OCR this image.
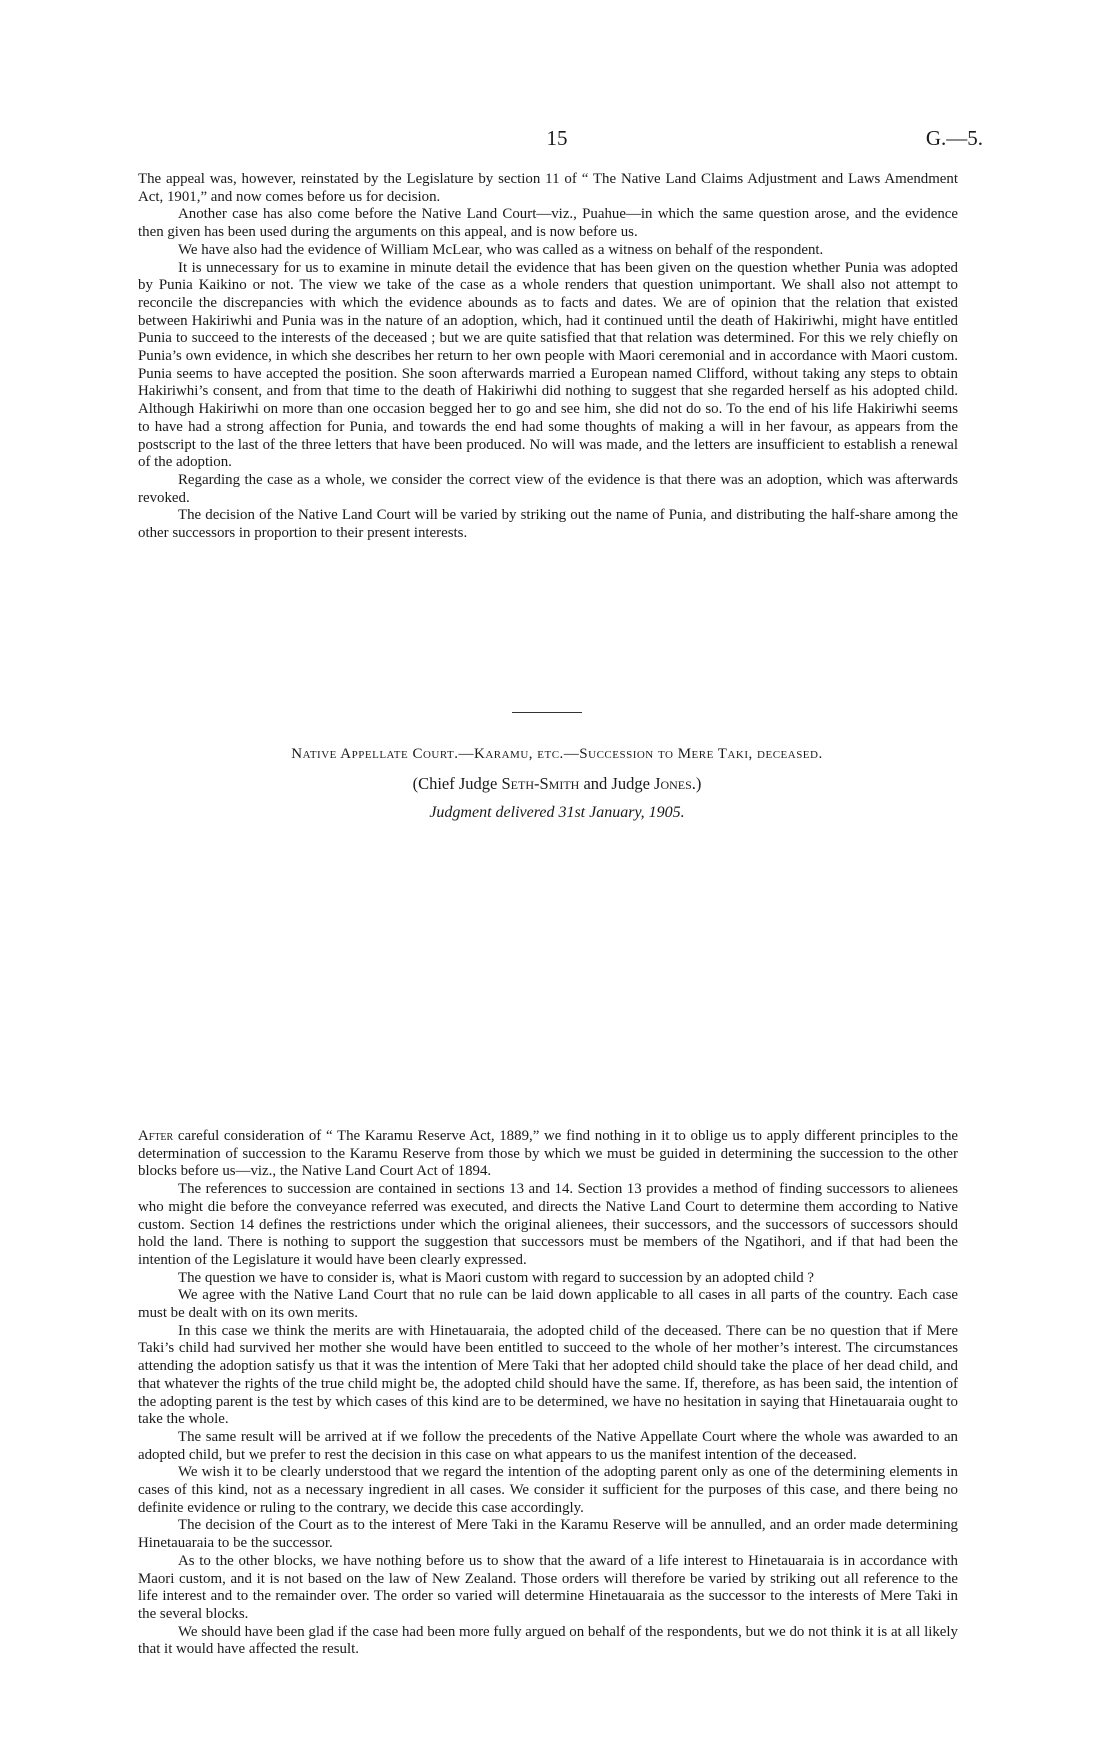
15	G.—5.

The appeal was, however, reinstated by the Legislature by section 11 of “ The Native Land Claims Adjustment and Laws Amendment Act, 1901,” and now comes before us for decision.

Another case has also come before the Native Land Court—viz., Puahue—in which the same question arose, and the evidence then given has been used during the arguments on this appeal, and is now before us.

We have also had the evidence of William McLear, who was called as a witness on behalf of the respondent.

It is unnecessary for us to examine in minute detail the evidence that has been given on the question whether Punia was adopted by Punia Kaikino or not. The view we take of the case as a whole renders that question unimportant. We shall also not attempt to reconcile the discrepancies with which the evidence abounds as to facts and dates. We are of opinion that the relation that existed between Hakiriwhi and Punia was in the nature of an adoption, which, had it continued until the death of Hakiriwhi, might have entitled Punia to succeed to the interests of the deceased ; but we are quite satisfied that that relation was determined. For this we rely chiefly on Punia’s own evidence, in which she describes her return to her own people with Maori ceremonial and in accordance with Maori custom. Punia seems to have accepted the position. She soon afterwards married a European named Clifford, without taking any steps to obtain Hakiriwhi’s consent, and from that time to the death of Hakiriwhi did nothing to suggest that she regarded herself as his adopted child. Although Hakiriwhi on more than one occasion begged her to go and see him, she did not do so. To the end of his life Hakiriwhi seems to have had a strong affection for Punia, and towards the end had some thoughts of making a will in her favour, as appears from the postscript to the last of the three letters that have been produced. No will was made, and the letters are insufficient to establish a renewal of the adoption.

Regarding the case as a whole, we consider the correct view of the evidence is that there was an adoption, which was afterwards revoked.

The decision of the Native Land Court will be varied by striking out the name of Punia, and distributing the half-share among the other successors in proportion to their present interests.

Native Appellate Court.—Karamu, etc.—Succession to Mere Taki, deceased.
(Chief Judge Seth-Smith and Judge Jones.)
Judgment delivered 31st January, 1905.

After careful consideration of “ The Karamu Reserve Act, 1889,” we find nothing in it to oblige us to apply different principles to the determination of succession to the Karamu Reserve from those by which we must be guided in determining the succession to the other blocks before us—viz., the Native Land Court Act of 1894.

The references to succession are contained in sections 13 and 14. Section 13 provides a method of finding successors to alienees who might die before the conveyance referred was executed, and directs the Native Land Court to determine them according to Native custom. Section 14 defines the restrictions under which the original alienees, their successors, and the successors of successors should hold the land. There is nothing to support the suggestion that successors must be members of the Ngatihori, and if that had been the intention of the Legislature it would have been clearly expressed.

The question we have to consider is, what is Maori custom with regard to succession by an adopted child ?

We agree with the Native Land Court that no rule can be laid down applicable to all cases in all parts of the country. Each case must be dealt with on its own merits.

In this case we think the merits are with Hinetauaraia, the adopted child of the deceased. There can be no question that if Mere Taki’s child had survived her mother she would have been entitled to succeed to the whole of her mother’s interest. The circumstances attending the adoption satisfy us that it was the intention of Mere Taki that her adopted child should take the place of her dead child, and that whatever the rights of the true child might be, the adopted child should have the same. If, therefore, as has been said, the intention of the adopting parent is the test by which cases of this kind are to be determined, we have no hesitation in saying that Hinetauaraia ought to take the whole.

The same result will be arrived at if we follow the precedents of the Native Appellate Court where the whole was awarded to an adopted child, but we prefer to rest the decision in this case on what appears to us the manifest intention of the deceased.

We wish it to be clearly understood that we regard the intention of the adopting parent only as one of the determining elements in cases of this kind, not as a necessary ingredient in all cases. We consider it sufficient for the purposes of this case, and there being no definite evidence or ruling to the contrary, we decide this case accordingly.

The decision of the Court as to the interest of Mere Taki in the Karamu Reserve will be annulled, and an order made determining Hinetauaraia to be the successor.

As to the other blocks, we have nothing before us to show that the award of a life interest to Hinetauaraia is in accordance with Maori custom, and it is not based on the law of New Zealand. Those orders will therefore be varied by striking out all reference to the life interest and to the remainder over. The order so varied will determine Hinetauaraia as the successor to the interests of Mere Taki in the several blocks.

We should have been glad if the case had been more fully argued on behalf of the respondents, but we do not think it is at all likely that it would have affected the result.
